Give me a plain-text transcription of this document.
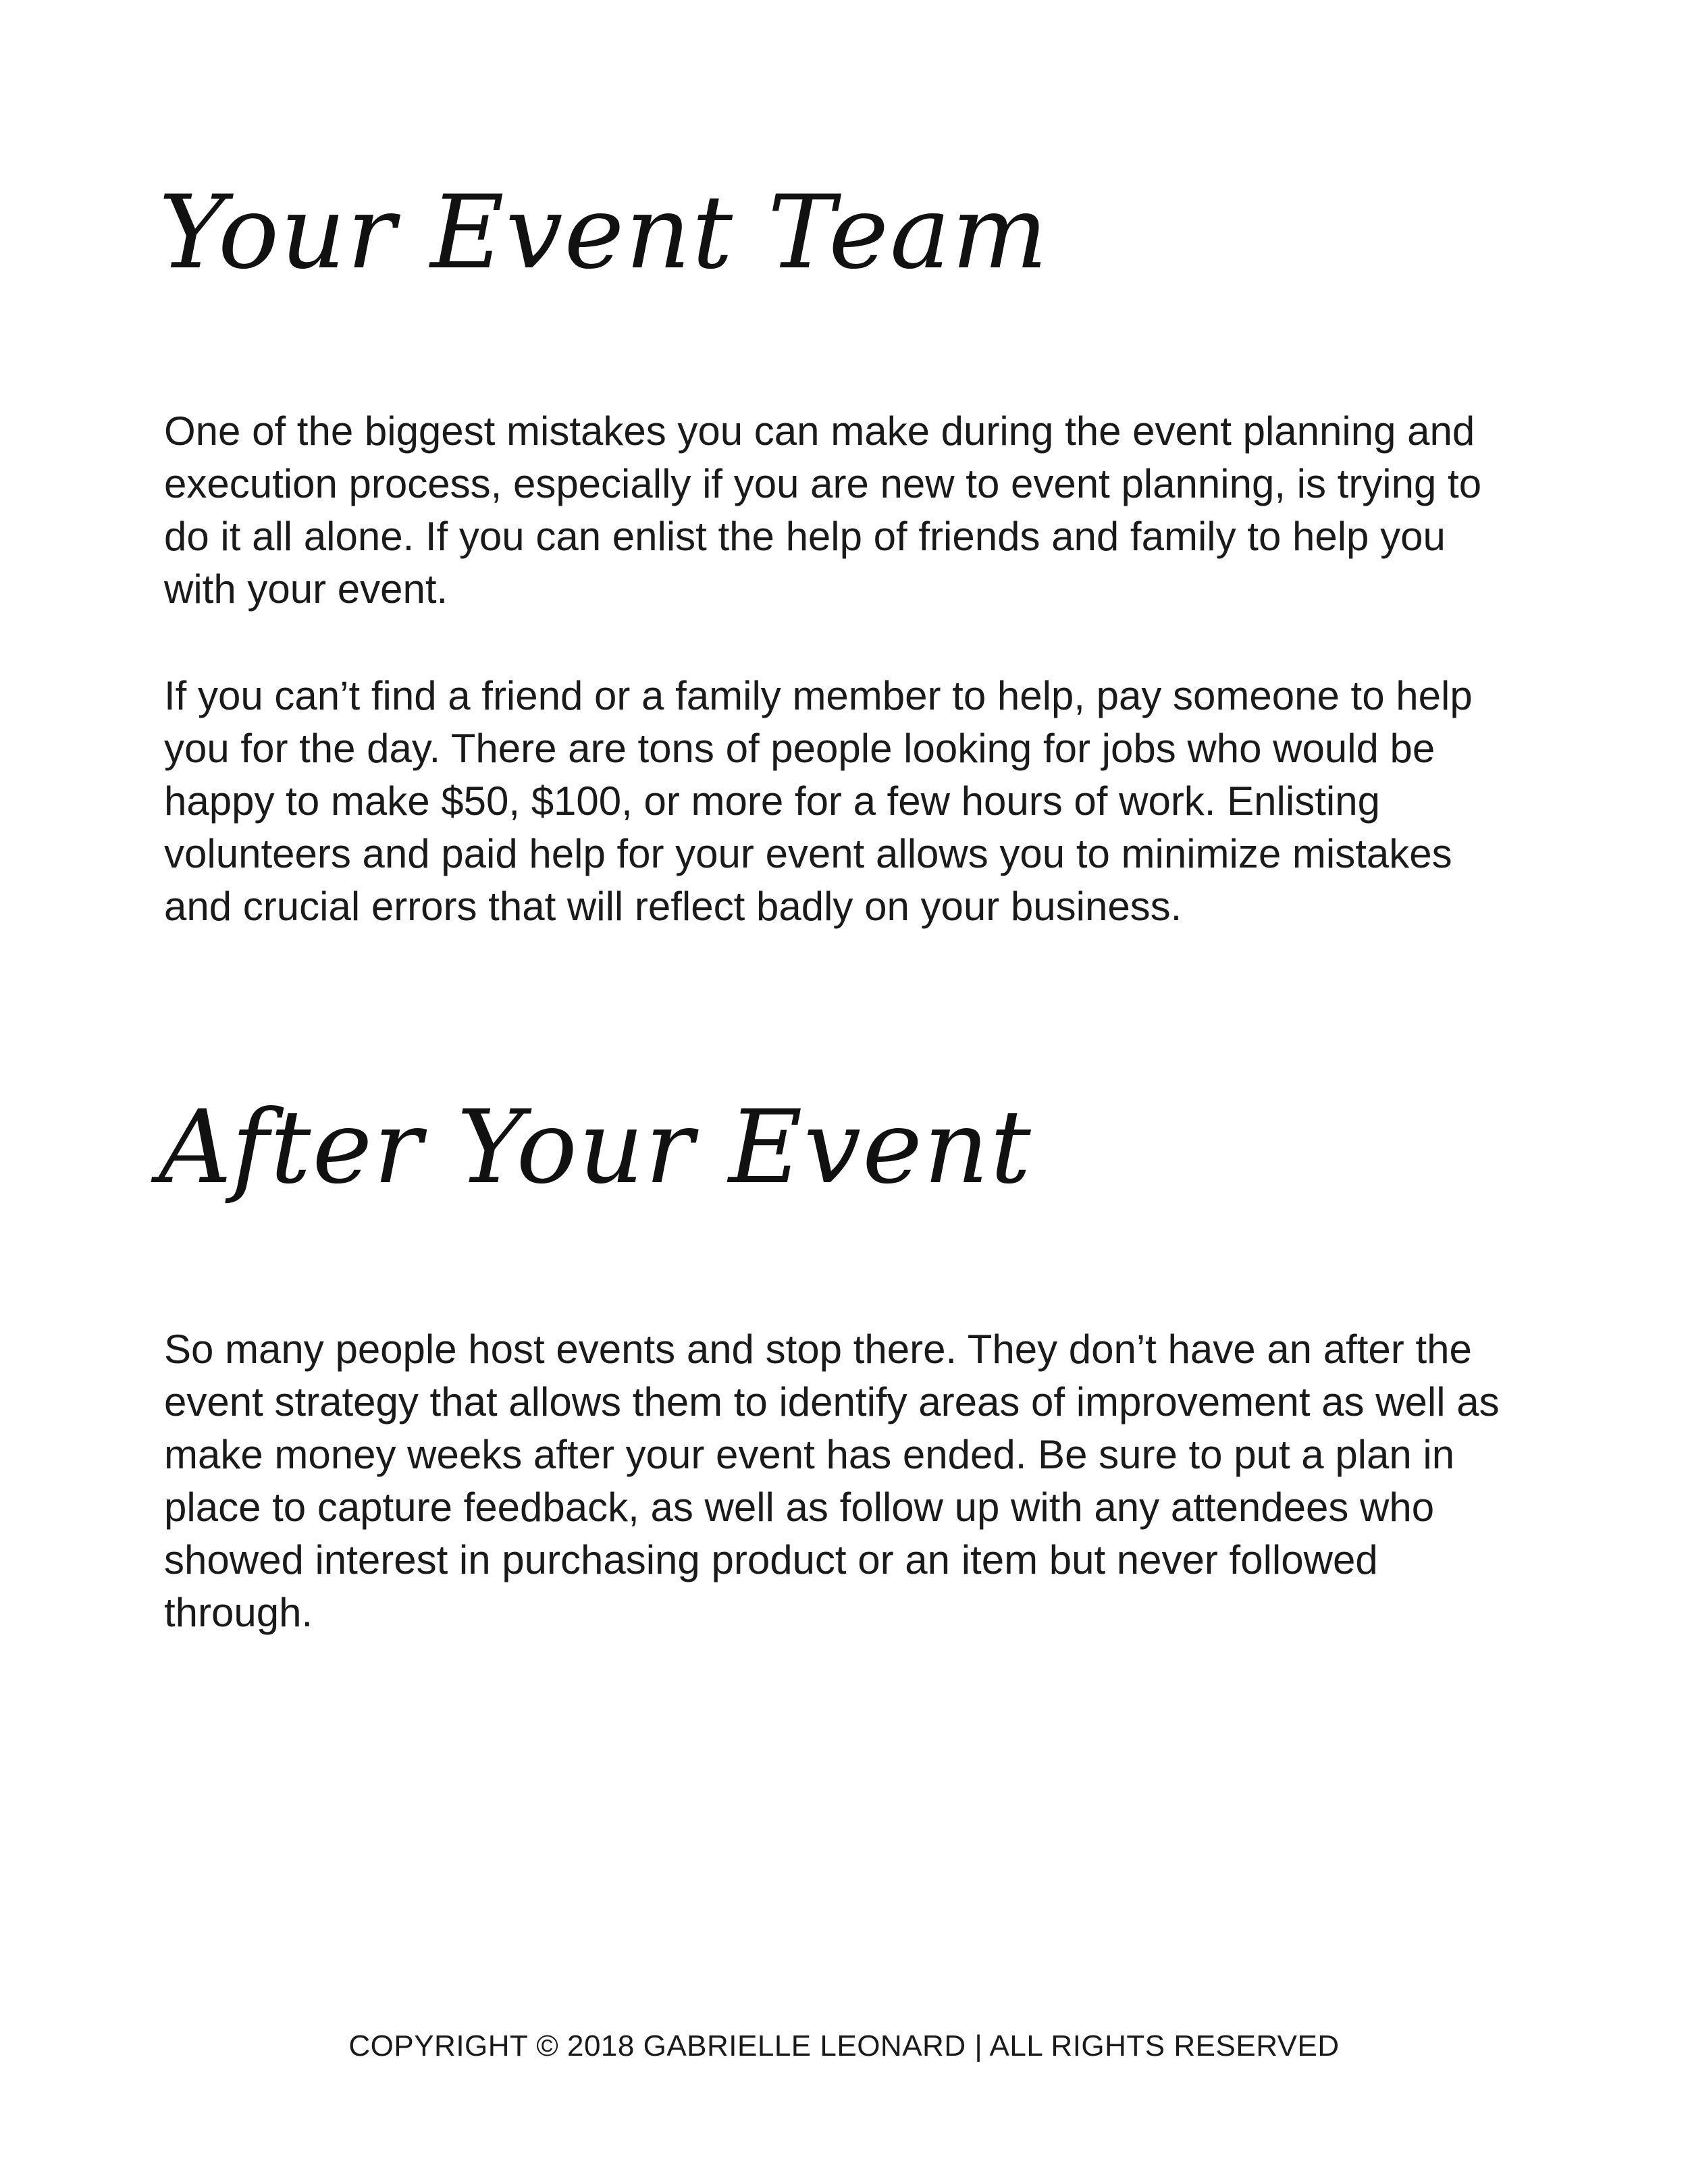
Your Event Team

One of the biggest mistakes you can make during the event planning and execution process, especially if you are new to event planning, is trying to do it all alone. If you can enlist the help of friends and family to help you with your event.

If you can’t find a friend or a family member to help, pay someone to help you for the day. There are tons of people looking for jobs who would be happy to make $50, $100, or more for a few hours of work. Enlisting volunteers and paid help for your event allows you to minimize mistakes and crucial errors that will reflect badly on your business.

After Your Event

So many people host events and stop there. They don’t have an after the event strategy that allows them to identify areas of improvement as well as make money weeks after your event has ended. Be sure to put a plan in place to capture feedback, as well as follow up with any attendees who showed interest in purchasing product or an item but never followed through.

COPYRIGHT © 2018 GABRIELLE LEONARD | ALL RIGHTS RESERVED
